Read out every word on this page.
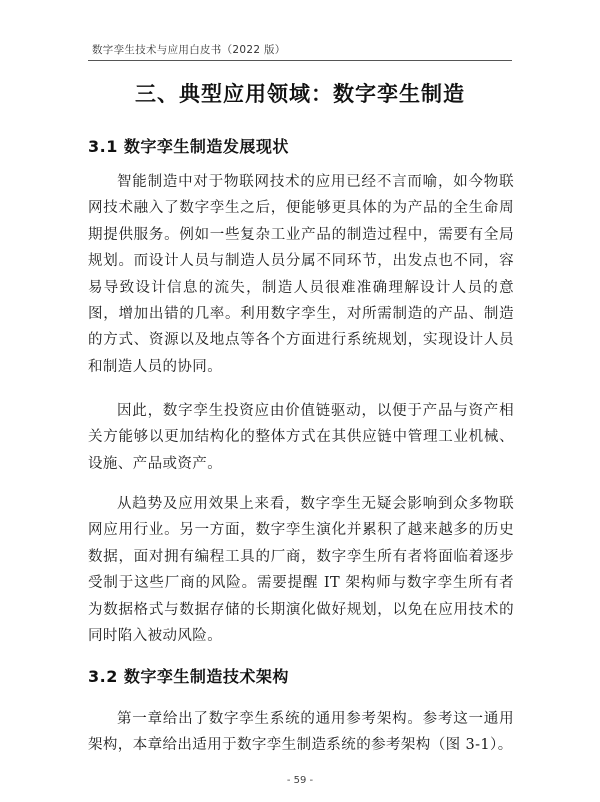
数字孪生技术与应用白皮书（2022 版）
三、典型应用领域：数字孪生制造
3.1 数字孪生制造发展现状

智能制造中对于物联网技术的应用已经不言而喻，如今物联网技术融入了数字孪生之后，便能够更具体的为产品的全生命周期提供服务。例如一些复杂工业产品的制造过程中，需要有全局规划。而设计人员与制造人员分属不同环节，出发点也不同，容易导致设计信息的流失，制造人员很难准确理解设计人员的意图，增加出错的几率。利用数字孪生，对所需制造的产品、制造的方式、资源以及地点等各个方面进行系统规划，实现设计人员和制造人员的协同。

因此，数字孪生投资应由价值链驱动，以便于产品与资产相关方能够以更加结构化的整体方式在其供应链中管理工业机械、设施、产品或资产。

从趋势及应用效果上来看，数字孪生无疑会影响到众多物联网应用行业。另一方面，数字孪生演化并累积了越来越多的历史数据，面对拥有编程工具的厂商，数字孪生所有者将面临着逐步受制于这些厂商的风险。需要提醒 IT 架构师与数字孪生所有者为数据格式与数据存储的长期演化做好规划，以免在应用技术的同时陷入被动风险。

3.2 数字孪生制造技术架构

第一章给出了数字孪生系统的通用参考架构。参考这一通用架构，本章给出适用于数字孪生制造系统的参考架构（图 3-1）。

- 59 -
